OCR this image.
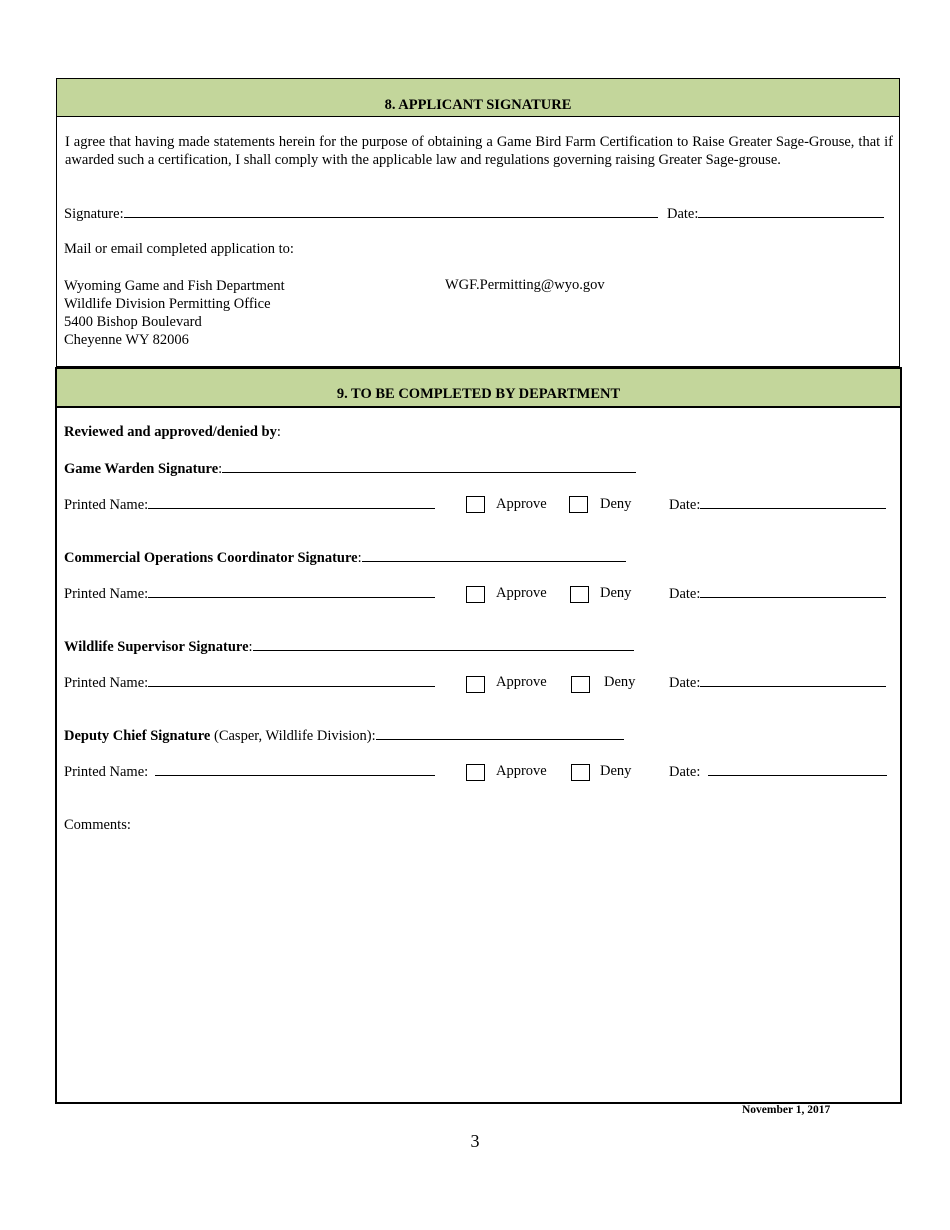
8. APPLICANT SIGNATURE
I agree that having made statements herein for the purpose of obtaining a Game Bird Farm Certification to Raise Greater Sage-Grouse, that if awarded such a certification, I shall comply with the applicable law and regulations governing raising Greater Sage-grouse.
Signature:	Date:
Mail or email completed application to:
Wyoming Game and Fish Department
Wildlife Division Permitting Office
5400 Bishop Boulevard
Cheyenne WY 82006
WGF.Permitting@wyo.gov
9. TO BE COMPLETED BY DEPARTMENT
Reviewed and approved/denied by:
Game Warden Signature:
Printed Name:	Approve	Deny	Date:
Commercial Operations Coordinator Signature:
Printed Name:	Approve	Deny	Date:
Wildlife Supervisor Signature:
Printed Name:	Approve	Deny Date:
Deputy Chief Signature (Casper, Wildlife Division):
Printed Name:	Approve	Deny	Date:
Comments:
November 1, 2017
3
